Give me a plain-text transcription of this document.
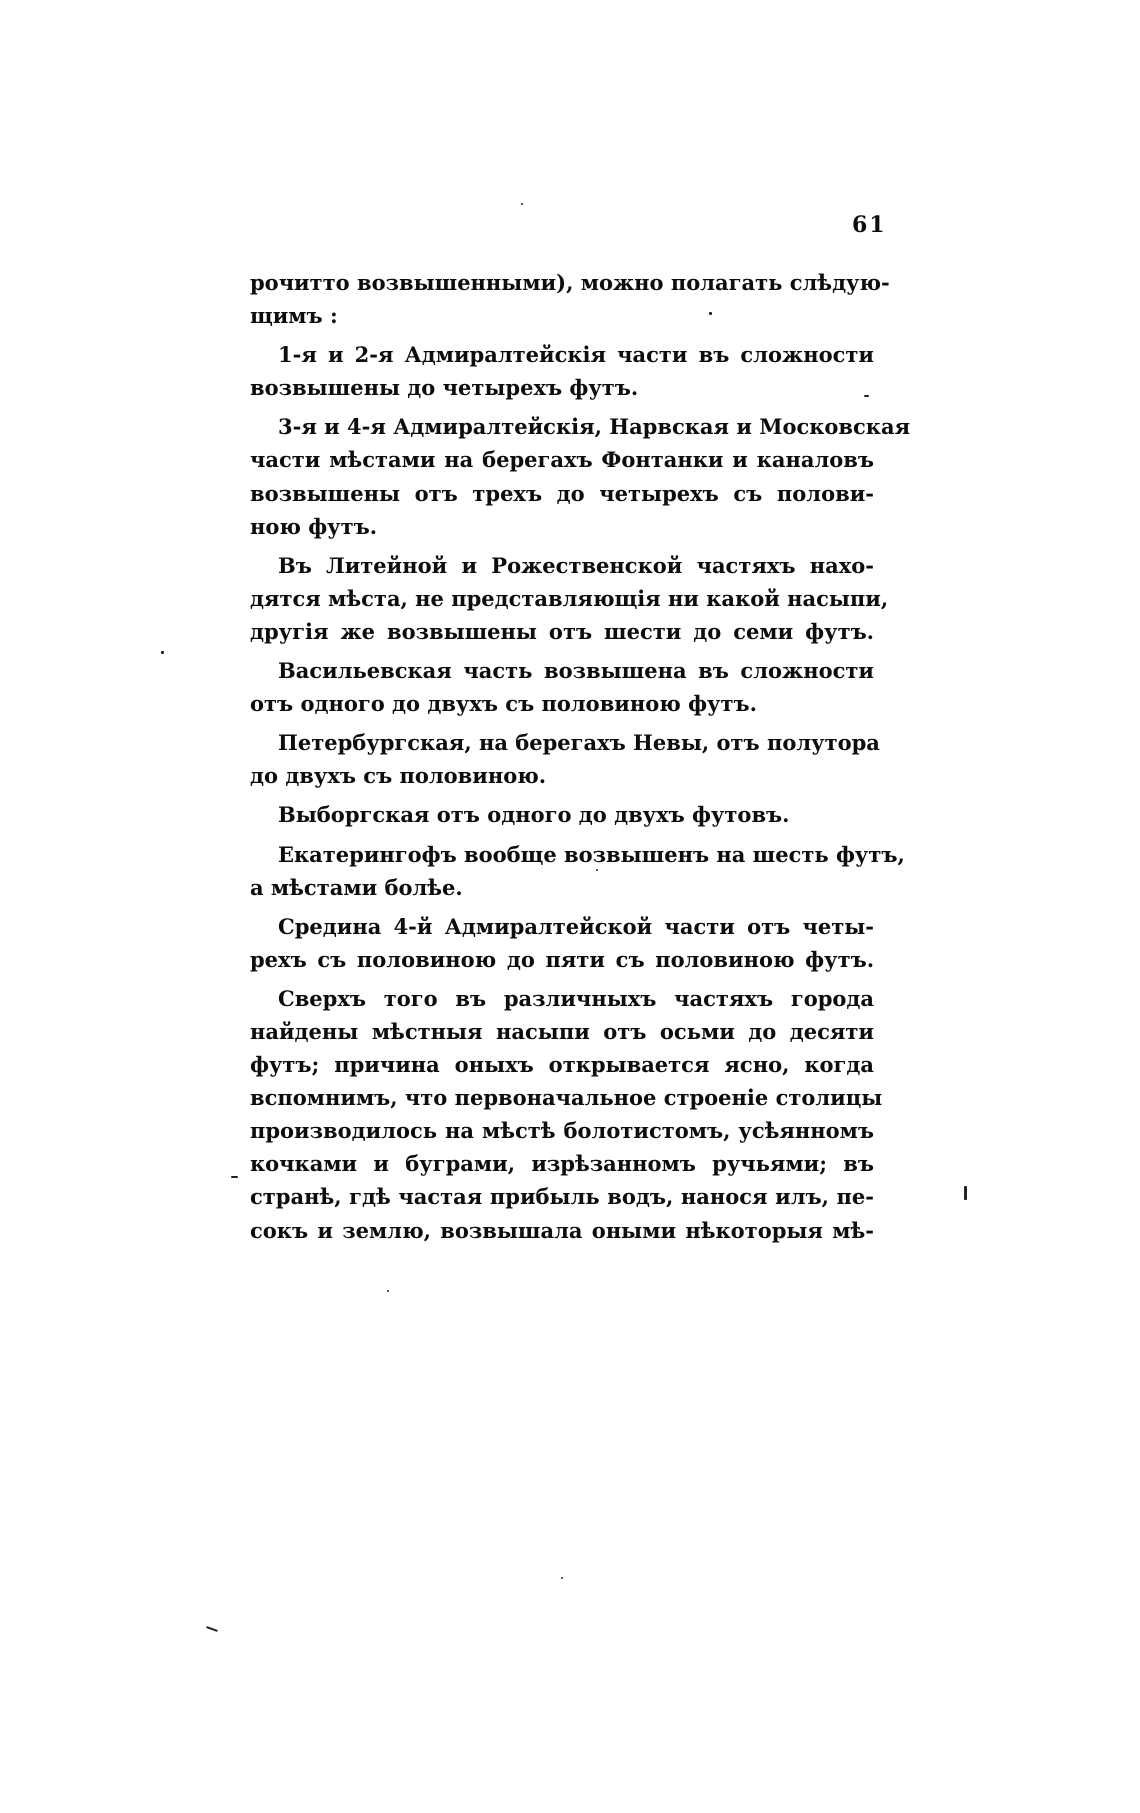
61
рочитто возвышенными), можно полагать слѣдую-
щимъ :
1-я и 2-я Адмиралтейскія части въ сложности
возвышены до четырехъ футъ.
3-я и 4-я Адмиралтейскія, Нарвская и Московская
части мѣстами на берегахъ Фонтанки и каналовъ
возвышены отъ трехъ до четырехъ съ полови-
ною футъ.
Въ Литейной и Рожественской частяхъ нахо-
дятся мѣста, не представляющія ни какой насыпи,
другія же возвышены отъ шести до семи футъ.
Васильевская часть возвышена въ сложности
отъ одного до двухъ съ половиною футъ.
Петербургская, на берегахъ Невы, отъ полутора
до двухъ съ половиною.
Выборгская отъ одного до двухъ футовъ.
Екатерингофъ вообще возвышенъ на шесть футъ,
а мѣстами болѣе.
Средина 4-й Адмиралтейской части отъ четы-
рехъ съ половиною до пяти съ половиною футъ.
Сверхъ того въ различныхъ частяхъ города
найдены мѣстныя насыпи отъ осьми до десяти
футъ; причина оныхъ открывается ясно, когда
вспомнимъ, что первоначальное строеніе столицы
производилось на мѣстѣ болотистомъ, усѣянномъ
кочками и буграми, изрѣзанномъ ручьями; въ
странѣ, гдѣ частая прибыль водъ, нанося илъ, пе-
сокъ и землю, возвышала оными нѣкоторыя мѣ-
